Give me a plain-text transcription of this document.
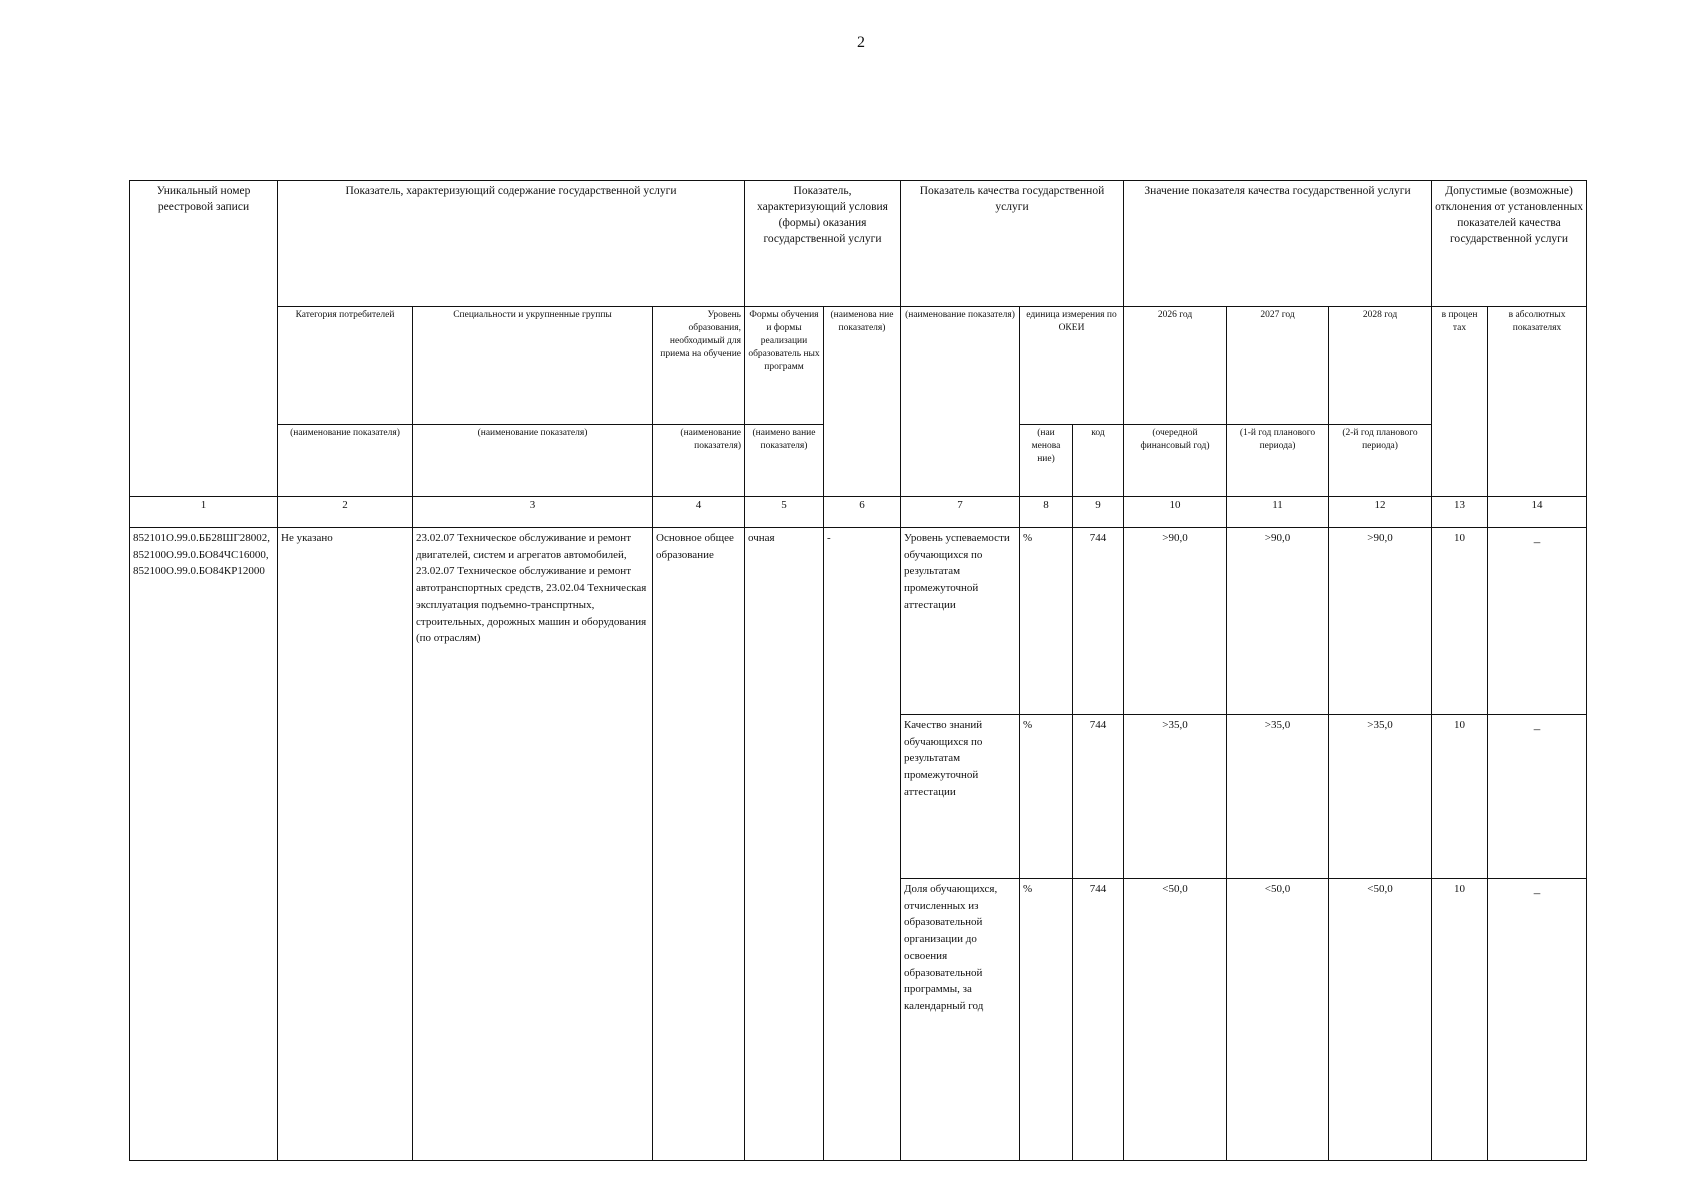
2
Уникальный номер реестровой записи	Показатель, характеризующий содержание государственной услуги			Показатель, характеризующий условия (формы) оказания государственной услуги		Показатель качества государственной услуги			Значение показателя качества государственной услуги			Допустимые (возможные) отклонения от установленных показателей качества государственной услуги	
	Категория потребителей	Специальности и укрупненные группы	Уровень образования, необходимый для приема на обучение	Формы обучения и формы реализации образователь ных программ	(наименова ние показателя)	(наименование показателя)	единица измерения по ОКЕИ		2026 год	2027 год	2028 год	в процен тах	в абсолютных показателях
	(наименование показателя)	(наименование показателя)	(наименование показателя)	(наимено вание показателя)			(наи менова ние)	код	(очередной финансовый год)	(1-й год планового периода)	(2-й год планового периода)		
1	2	3	4	5	6	7	8	9	10	11	12	13	14
852101О.99.0.ББ28ШГ28002, 852100О.99.0.БО84ЧС16000, 852100О.99.0.БО84КР12000	Не указано	23.02.07 Техническое обслуживание и ремонт двигателей, систем и агрегатов автомобилей, 23.02.07 Техническое обслуживание и ремонт автотранспортных средств, 23.02.04 Техническая эксплуатация подъемно-транспртных, строительных, дорожных машин и оборудования (по отраслям)	Основное общее образование	очная	-	Уровень успеваемости обучающихся по результатам промежуточной аттестации	%	744	>90,0	>90,0	>90,0	10	–
						Качество знаний обучающихся по результатам промежуточной аттестации	%	744	>35,0	>35,0	>35,0	10	–
						Доля обучающихся, отчисленных из образовательной организации до освоения образовательной программы, за календарный год	%	744	<50,0	<50,0	<50,0	10	–
